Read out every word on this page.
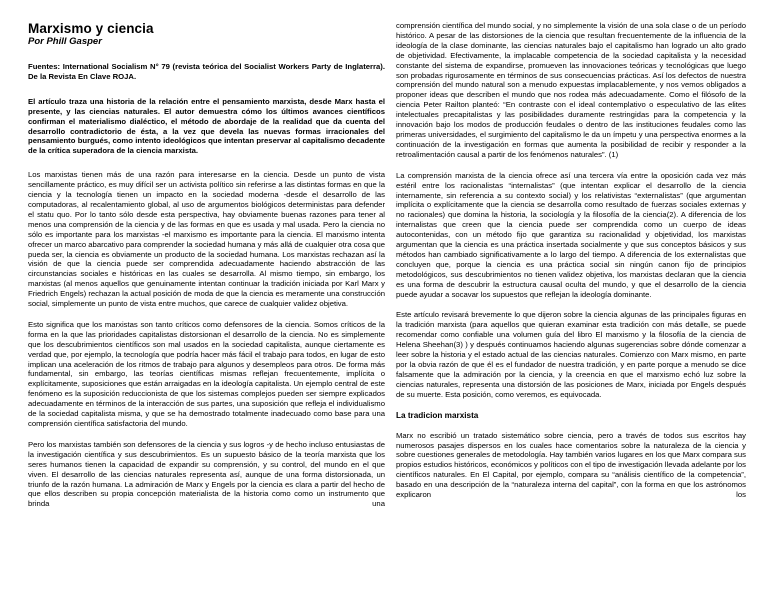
Marxismo y ciencia
Por Phill Gasper

Fuentes: International Socialism N° 79 (revista teórica del Socialist Workers Party de Inglaterra). De la Revista En Clave ROJA.

El artículo traza una historia de la relación entre el pensamiento marxista, desde Marx hasta el presente, y las ciencias naturales. El autor demuestra cómo los últimos avances científicos confirman el materialismo dialéctico, el método de abordaje de la realidad que da cuenta del desarrollo contradictorio de ésta, a la vez que devela las nuevas formas irracionales del pensamiento burgués, como intento ideológicos que intentan preservar al capitalismo decadente de la crítica superadora de la ciencia marxista.

Los marxistas tienen más de una razón para interesarse en la ciencia. Desde un punto de vista sencillamente práctico, es muy difícil ser un activista político sin referirse a las distintas formas en que la ciencia y la tecnología tienen un impacto en la sociedad moderna -desde el desarrollo de las computadoras, al recalentamiento global, al uso de argumentos biológicos deterministas para defender el statu quo. Por lo tanto sólo desde esta perspectiva, hay obviamente buenas razones para tener al menos una comprensión de la ciencia y de las formas en que es usada y mal usada. Pero la ciencia no sólo es importante para los marxistas -el marxismo es importante para la ciencia. El marxismo intenta ofrecer un marco abarcativo para comprender la sociedad humana y más allá de cualquier otra cosa que pueda ser, la ciencia es obviamente un producto de la sociedad humana. Los marxistas rechazan así la visión de que la ciencia puede ser comprendida adecuadamente haciendo abstracción de las circunstancias sociales e históricas en las cuales se desarrolla. Al mismo tiempo, sin embargo, los marxistas (al menos aquellos que genuinamente intentan continuar la tradición iniciada por Karl Marx y Friedrich Engels) rechazan la actual posición de moda de que la ciencia es meramente una construcción social, simplemente un punto de vista entre muchos, que carece de cualquier validez objetiva.

Esto significa que los marxistas son tanto críticos como defensores de la ciencia. Somos críticos de la forma en la que las prioridades capitalistas distorsionan el desarrollo de la ciencia. No es simplemente que los descubrimientos científicos son mal usados en la sociedad capitalista, aunque ciertamente es verdad que, por ejemplo, la tecnología que podría hacer más fácil el trabajo para todos, en lugar de esto implican una aceleración de los ritmos de trabajo para algunos y desempleos para otros. De forma más fundamental, sin embargo, las teorías científicas mismas reflejan frecuentemente, implícita o explícitamente, suposiciones que están arraigadas en la ideología capitalista. Un ejemplo central de este fenómeno es la suposición reduccionista de que los sistemas complejos pueden ser siempre explicados adecuadamente en términos de la interacción de sus partes, una suposición que refleja el individualismo de la sociedad capitalista misma, y que se ha demostrado totalmente inadecuado como base para una comprensión científica satisfactoria del mundo.

Pero los marxistas también son defensores de la ciencia y sus logros -y de hecho incluso entusiastas de la investigación científica y sus descubrimientos. Es un supuesto básico de la teoría marxista que los seres humanos tienen la capacidad de expandir su comprensión, y su control, del mundo en el que viven. El desarrollo de las ciencias naturales representa así, aunque de una forma distorsionada, un triunfo de la razón humana. La admiración de Marx y Engels por la ciencia es clara a partir del hecho de que ellos describen su propia concepción materialista de la historia como como un instrumento que brinda una

comprensión científica del mundo social, y no simplemente la visión de una sola clase o de un período histórico. A pesar de las distorsiones de la ciencia que resultan frecuentemente de la influencia de la ideología de la clase dominante, las ciencias naturales bajo el capitalismo han logrado un alto grado de objetividad. Efectivamente, la implacable competencia de la sociedad capitalista y la necesidad constante del sistema de expandirse, promueven las innovaciones teóricas y tecnológicas que luego son probadas rigurosamente en términos de sus consecuencias prácticas. Así los defectos de nuestra comprensión del mundo natural son a menudo expuestas implacablemente, y nos vemos obligados a proponer ideas que describen el mundo que nos rodea más adecuadamente. Como el filósofo de la ciencia Peter Railton planteó: “En contraste con el ideal contemplativo o especulativo de las elites intelectuales precapitalistas y las posibilidades duramente restringidas para la competencia y la innovación bajo los modos de producción feudales o dentro de las instituciones feudales como las primeras universidades, el surgimiento del capitalismo le da un ímpetu y una perspectiva enormes a la continuación de la investigación en formas que aumenta la posibilidad de recibir y responder a la retroalimentación causal a partir de los fenómenos naturales”. (1)

La comprensión marxista de la ciencia ofrece así una tercera vía entre la oposición cada vez más estéril entre los racionalistas “internalistas” (que intentan explicar el desarrollo de la ciencia internamente, sin referencia a su contexto social) y los relativistas “externalistas” (que argumentan implícita o explícitamente que la ciencia se desarrolla como resultado de fuerzas sociales externas y no racionales) que domina la historia, la sociología y la filosofía de la ciencia(2). A diferencia de los internalistas que creen que la ciencia puede ser comprendida como un cuerpo de ideas autocontenidas, con un método fijo que garantiza su racionalidad y objetividad, los marxistas argumentan que la ciencia es una práctica insertada socialmente y que sus conceptos básicos y sus métodos han cambiado significativamente a lo largo del tiempo. A diferencia de los externalistas que concluyen que, porque la ciencia es una práctica social sin ningún canon fijo de principios metodológicos, sus descubrimientos no tienen validez objetiva, los marxistas declaran que la ciencia es una forma de descubrir la estructura causal oculta del mundo, y que el desarrollo de la ciencia puede ayudar a socavar los supuestos que reflejan la ideología dominante.

Este artículo revisará brevemente lo que dijeron sobre la ciencia algunas de las principales figuras en la tradición marxista (para aquellos que quieran examinar esta tradición con más detalle, se puede recomendar como confiable una volumen guía del libro El marxismo y la filosofía de la ciencia de Helena Sheehan(3) ) y después continuamos haciendo algunas sugerencias sobre dónde comenzar a leer sobre la historia y el estado actual de las ciencias naturales. Comienzo con Marx mismo, en parte por la obvia razón de que él es el fundador de nuestra tradición, y en parte porque a menudo se dice falsamente que la admiración por la ciencia, y la creencia en que el marxismo echó luz sobre la ciencias naturales, representa una distorsión de las posiciones de Marx, iniciada por Engels después de su muerte. Esta posición, como veremos, es equivocada.

La tradicion marxista

Marx no escribió un tratado sistemático sobre ciencia, pero a través de todos sus escritos hay numerosos pasajes dispersos en los cuales hace comentarios sobre la naturaleza de la ciencia y sobre cuestiones generales de metodología. Hay también varios lugares en los que Marx compara sus propios estudios históricos, económicos y políticos con el tipo de investigación llevada adelante por los científicos naturales. En El Capital, por ejemplo, compara su “análisis científico de la competencia”, basado en una descripción de la “naturaleza interna del capital”, con la forma en que los astrónomos explicaron los
